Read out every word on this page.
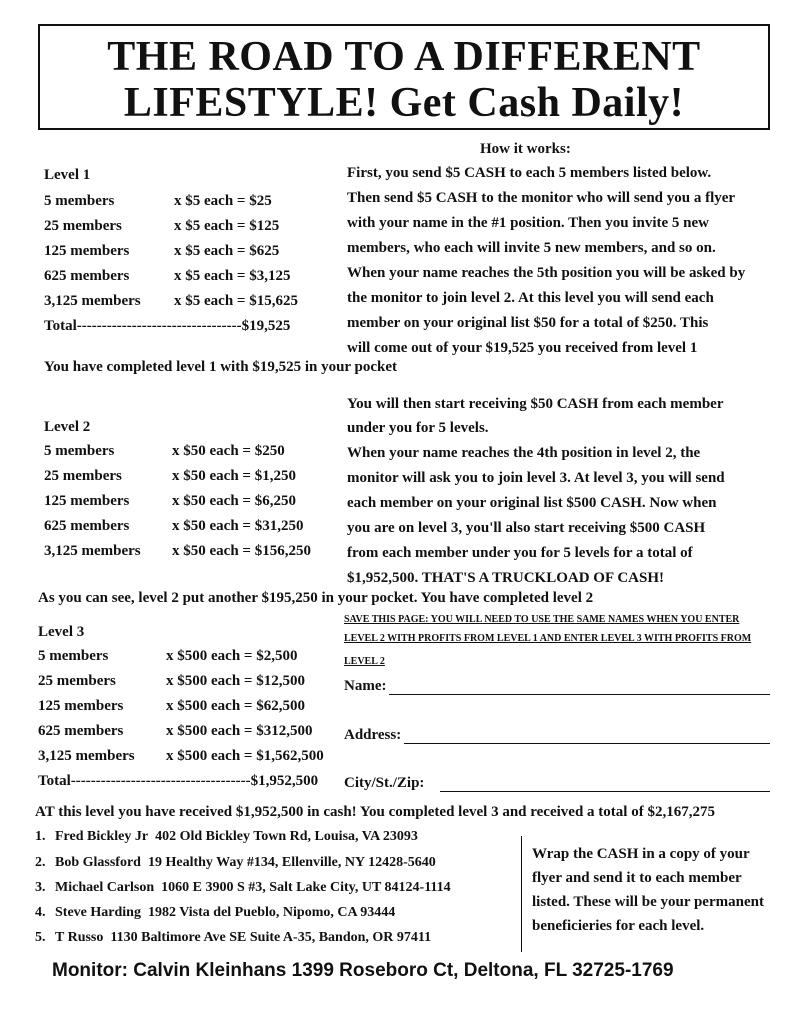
THE ROAD TO A DIFFERENT
LIFESTYLE! Get Cash Daily!
How it works:
First, you send $5 CASH to each 5 members listed below.
Then send $5 CASH to the monitor who will send you a flyer
with your name in the #1 position. Then you invite 5 new
members, who each will invite 5 new members, and so on.
When your name reaches the 5th position you will be asked by
the monitor to join level 2. At this level you will send each
member on your original list $50 for a total of $250. This
will come out of your $19,525 you received from level 1
Level 1
5 members	x $5 each = $25
25 members	x $5 each = $125
125 members	x $5 each = $625
625 members	x $5 each = $3,125
3,125 members x $5 each = $15,625
Total---------------------------------$19,525
You have completed level 1 with $19,525 in your pocket
You will then start receiving $50 CASH from each member
under you for 5 levels.
When your name reaches the 4th position in level 2, the
monitor will ask you to join level 3. At level 3, you will send
each member on your original list $500 CASH. Now when
you are on level 3, you'll also start receiving $500 CASH
from each member under you for 5 levels for a total of
$1,952,500. THAT'S A TRUCKLOAD OF CASH!
Level 2
5 members	x $50 each = $250
25 members	x $50 each = $1,250
125 members	x $50 each = $6,250
625 members	x $50 each = $31,250
3,125 members x $50 each = $156,250
As you can see, level 2 put another $195,250 in your pocket. You have completed level 2
SAVE THIS PAGE: YOU WILL NEED TO USE THE SAME NAMES WHEN YOU ENTER
LEVEL 2 WITH PROFITS FROM LEVEL 1 AND ENTER LEVEL 3 WITH PROFITS FROM
LEVEL 2
Name:
Address:
City/St./Zip:
Level 3
5 members	x $500 each = $2,500
25 members	x $500 each = $12,500
125 members	x $500 each = $62,500
625 members	x $500 each = $312,500
3,125 members x $500 each = $1,562,500
Total------------------------------------$1,952,500
AT this level you have received $1,952,500 in cash! You completed level 3 and received a total of $2,167,275
1. Fred Bickley Jr 402 Old Bickley Town Rd, Louisa, VA 23093
2. Bob Glassford 19 Healthy Way #134, Ellenville, NY 12428-5640
3. Michael Carlson 1060 E 3900 S #3, Salt Lake City, UT 84124-1114
4. Steve Harding 1982 Vista del Pueblo, Nipomo, CA 93444
5. T Russo 1130 Baltimore Ave SE Suite A-35, Bandon, OR 97411
Wrap the CASH in a copy of your
flyer and send it to each member
listed. These will be your permanent
beneficieries for each level.
Monitor: Calvin Kleinhans 1399 Roseboro Ct, Deltona, FL 32725-1769
